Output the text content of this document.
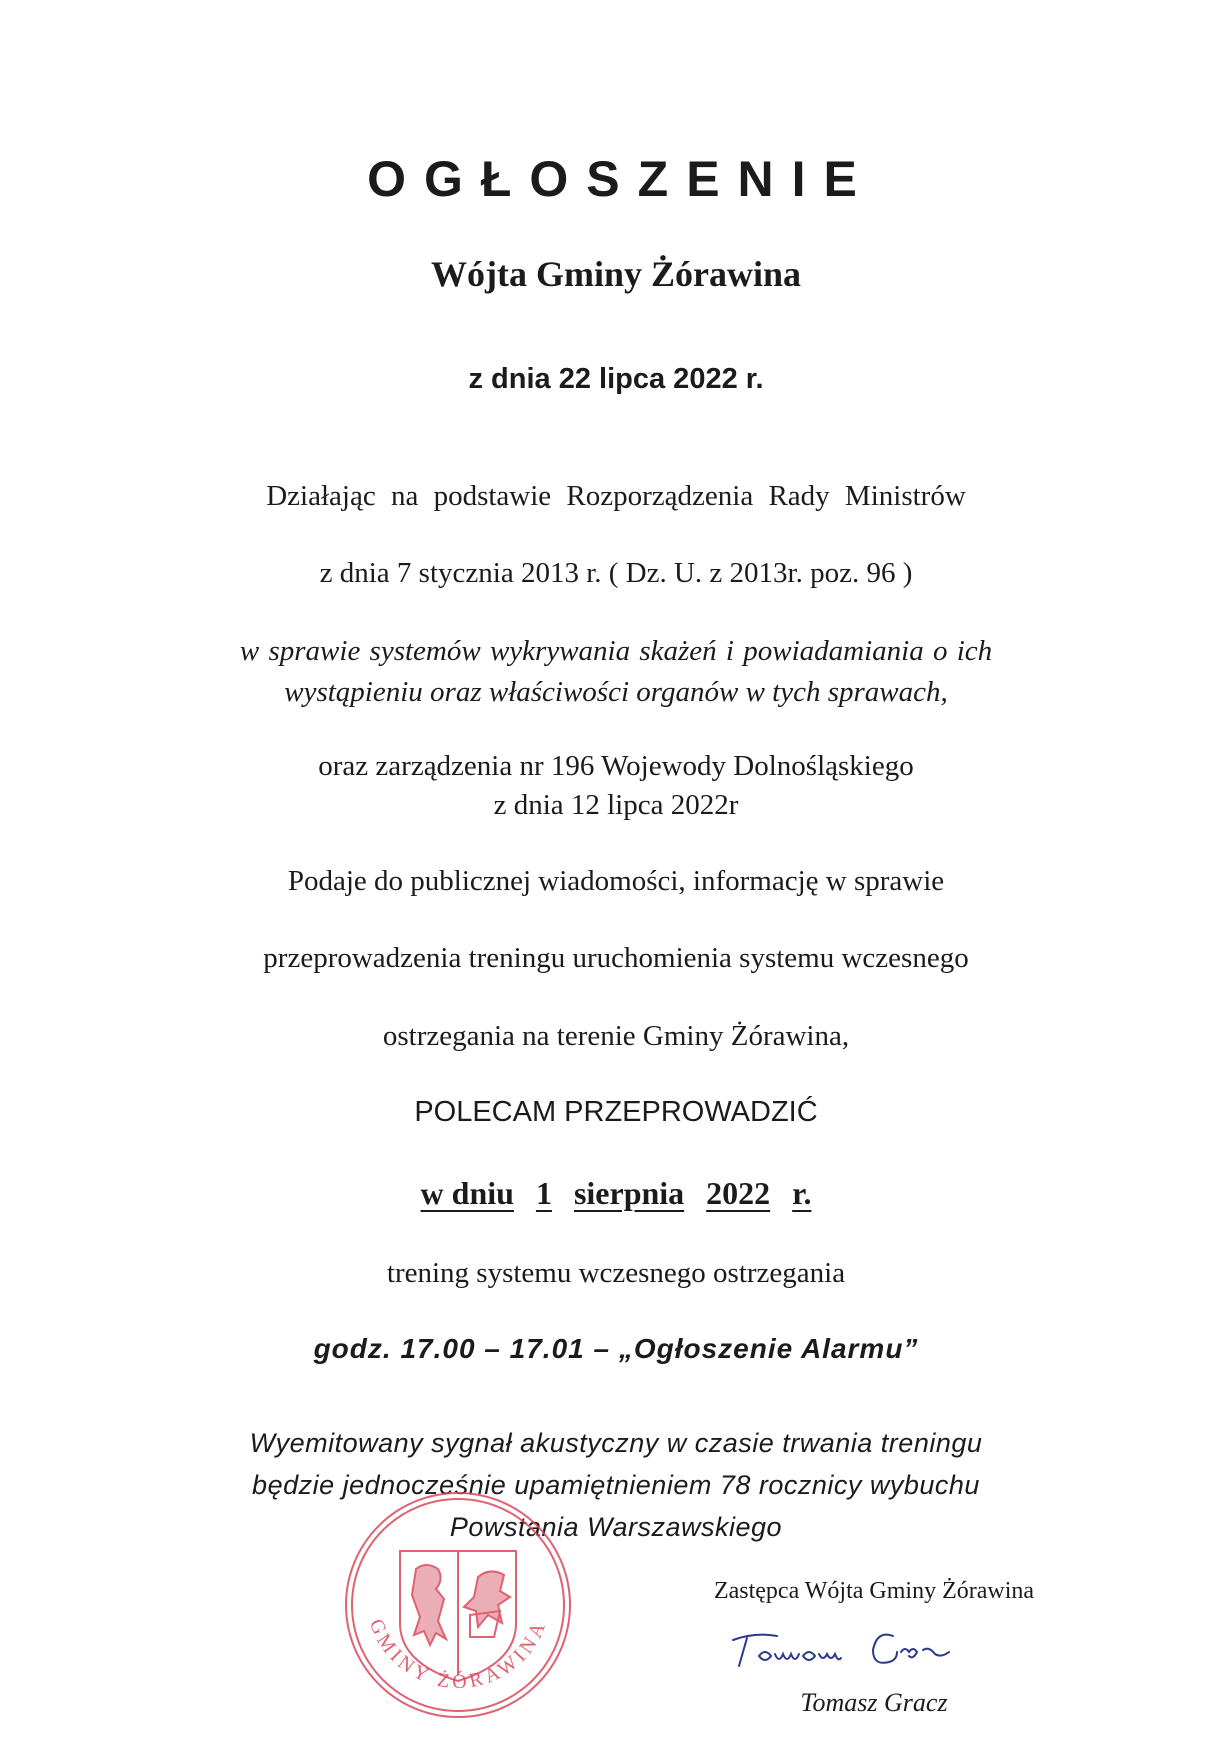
OGŁOSZENIE
Wójta Gminy Żórawina
z dnia 22 lipca 2022 r.
Działając na podstawie Rozporządzenia Rady Ministrów
z dnia 7 stycznia 2013 r. ( Dz. U. z 2013r. poz. 96 )
w sprawie systemów wykrywania skażeń i powiadamiania o ich
wystąpieniu oraz właściwości organów w tych sprawach,
oraz zarządzenia nr 196 Wojewody Dolnośląskiego
z dnia 12 lipca 2022r
Podaje do publicznej wiadomości, informację w sprawie
przeprowadzenia treningu uruchomienia systemu wczesnego
ostrzegania na terenie Gminy Żórawina,
POLECAM PRZEPROWADZIĆ
w dniu 1 sierpnia 2022 r.
trening systemu wczesnego ostrzegania
godz. 17.00 – 17.01 – „Ogłoszenie Alarmu”
Wyemitowany sygnał akustyczny w czasie trwania treningu
będzie jednocześnie upamiętnieniem 78 rocznicy wybuchu
Powstania Warszawskiego
GMINY ŻÓRAWINA
Zastępca Wójta Gminy Żórawina
Tomasz Gracz
